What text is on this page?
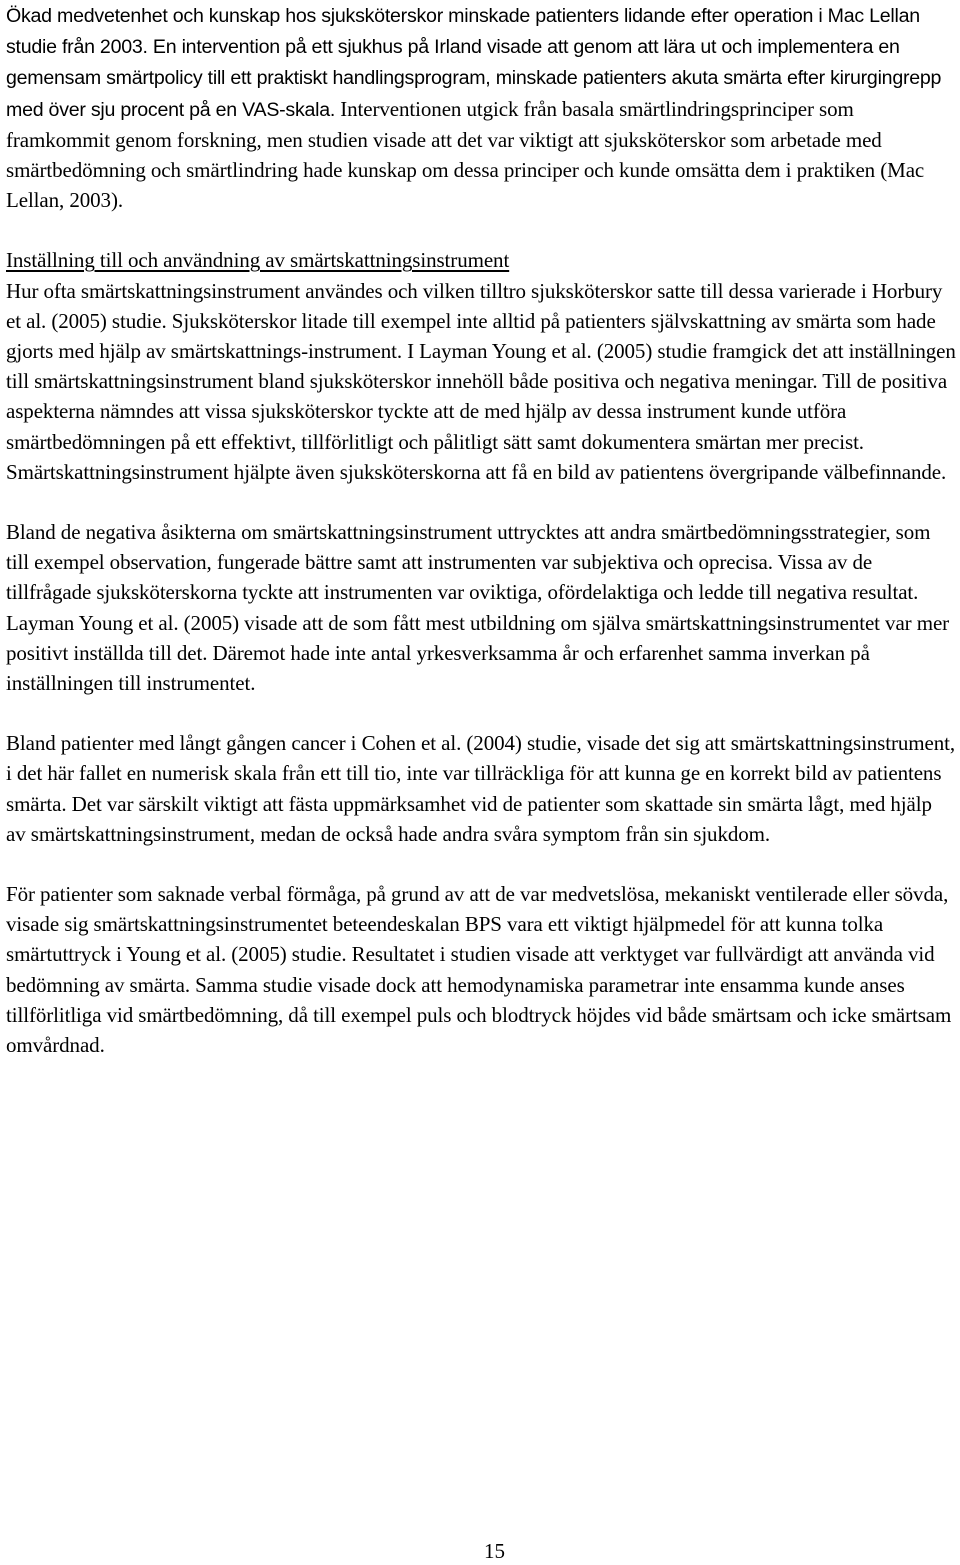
Ökad medvetenhet och kunskap hos sjuksköterskor minskade patienters lidande efter operation i Mac Lellan studie från 2003. En intervention på ett sjukhus på Irland visade att genom att lära ut och implementera en gemensam smärtpolicy till ett praktiskt handlingsprogram, minskade patienters akuta smärta efter kirurgingrepp med över sju procent på en VAS-skala. Interventionen utgick från basala smärtlindringsprinciper som framkommit genom forskning, men studien visade att det var viktigt att sjuksköterskor som arbetade med smärtbedömning och smärtlindring hade kunskap om dessa principer och kunde omsätta dem i praktiken (Mac Lellan, 2003).

Inställning till och användning av smärtskattningsinstrument
Hur ofta smärtskattningsinstrument användes och vilken tilltro sjuksköterskor satte till dessa varierade i Horbury et al. (2005) studie. Sjuksköterskor litade till exempel inte alltid på patienters självskattning av smärta som hade gjorts med hjälp av smärtskattnings-instrument. I Layman Young et al. (2005) studie framgick det att inställningen till smärtskattningsinstrument bland sjuksköterskor innehöll både positiva och negativa meningar. Till de positiva aspekterna nämndes att vissa sjuksköterskor tyckte att de med hjälp av dessa instrument kunde utföra smärtbedömningen på ett effektivt, tillförlitligt och pålitligt sätt samt dokumentera smärtan mer precist. Smärtskattningsinstrument hjälpte även sjuksköterskorna att få en bild av patientens övergripande välbefinnande.

Bland de negativa åsikterna om smärtskattningsinstrument uttrycktes att andra smärtbedömningsstrategier, som till exempel observation, fungerade bättre samt att instrumenten var subjektiva och oprecisa. Vissa av de tillfrågade sjuksköterskorna tyckte att instrumenten var oviktiga, ofördelaktiga och ledde till negativa resultat. Layman Young et al. (2005) visade att de som fått mest utbildning om själva smärtskattningsinstrumentet var mer positivt inställda till det. Däremot hade inte antal yrkesverksamma år och erfarenhet samma inverkan på inställningen till instrumentet.

Bland patienter med långt gången cancer i Cohen et al. (2004) studie, visade det sig att smärtskattningsinstrument, i det här fallet en numerisk skala från ett till tio, inte var tillräckliga för att kunna ge en korrekt bild av patientens smärta. Det var särskilt viktigt att fästa uppmärksamhet vid de patienter som skattade sin smärta lågt, med hjälp av smärtskattningsinstrument, medan de också hade andra svåra symptom från sin sjukdom.

För patienter som saknade verbal förmåga, på grund av att de var medvetslösa, mekaniskt ventilerade eller sövda, visade sig smärtskattningsinstrumentet beteendeskalan BPS vara ett viktigt hjälpmedel för att kunna tolka smärtuttryck i Young et al. (2005) studie. Resultatet i studien visade att verktyget var fullvärdigt att använda vid bedömning av smärta. Samma studie visade dock att hemodynamiska parametrar inte ensamma kunde anses tillförlitliga vid smärtbedömning, då till exempel puls och blodtryck höjdes vid både smärtsam och icke smärtsam omvårdnad.

15
